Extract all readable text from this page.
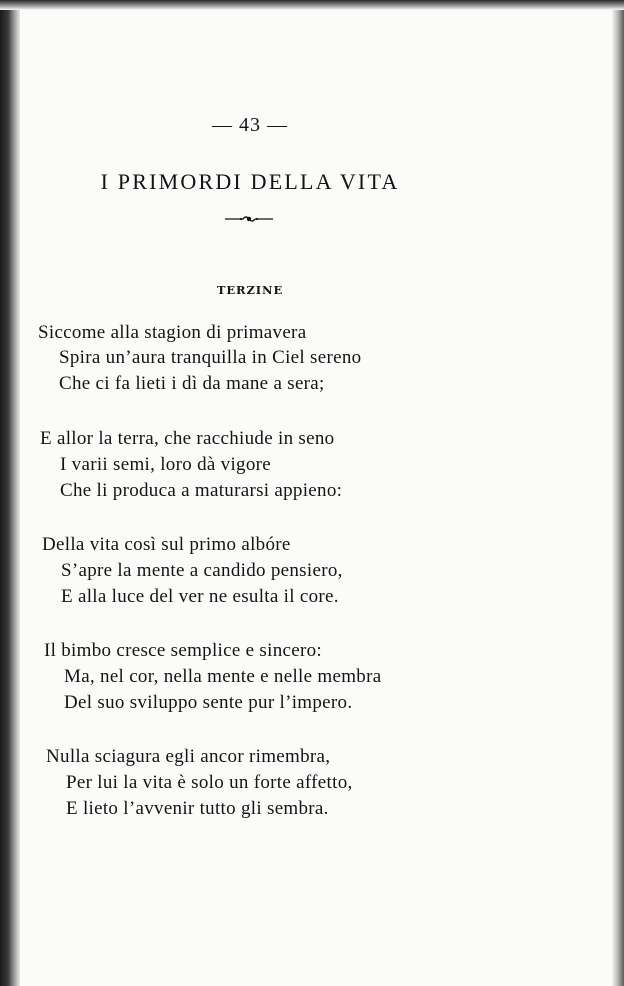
— 43 —
I PRIMORDI DELLA VITA
TERZINE
Siccome alla stagion di primavera
Spira un’aura tranquilla in Ciel sereno
Che ci fa lieti i dì da mane a sera;
E allor la terra, che racchiude in seno
I varii semi, loro dà vigore
Che li produca a maturarsi appieno:
Della vita così sul primo albóre
S’apre la mente a candido pensiero,
E alla luce del ver ne esulta il core.
Il bimbo cresce semplice e sincero:
Ma, nel cor, nella mente e nelle membra
Del suo sviluppo sente pur l’impero.
Nulla sciagura egli ancor rimembra,
Per lui la vita è solo un forte affetto,
E lieto l’avvenir tutto gli sembra.
